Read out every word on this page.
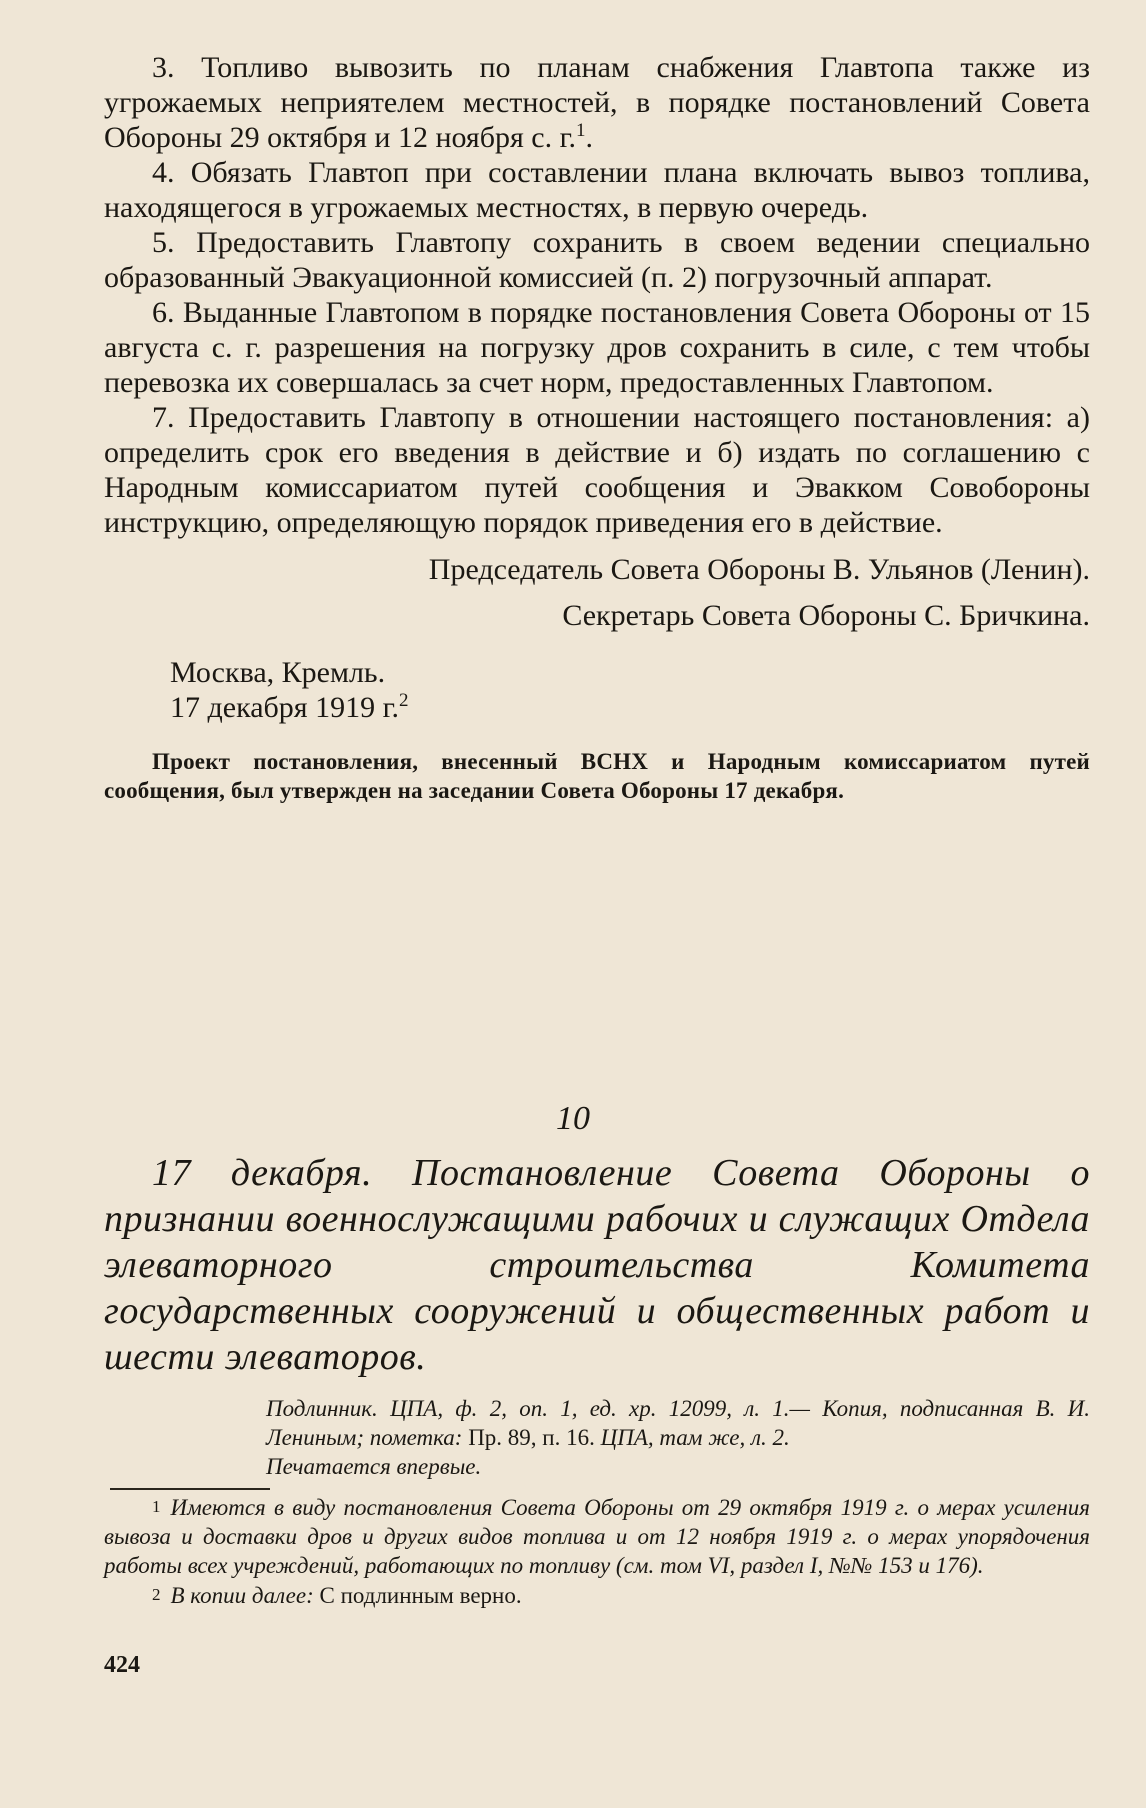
3. Топливо вывозить по планам снабжения Главтопа также из угрожаемых неприятелем местностей, в порядке постановлений Совета Обороны 29 октября и 12 ноября с. г.$^1$.

4. Обязать Главтоп при составлении плана включать вывоз топлива, находящегося в угрожаемых местностях, в первую очередь.

5. Предоставить Главтопу сохранить в своем ведении специально образованный Эвакуационной комиссией (п. 2) погрузочный аппарат.

6. Выданные Главтопом в порядке постановления Совета Обороны от 15 августа с. г. разрешения на погрузку дров сохранить в силе, с тем чтобы перевозка их совершалась за счет норм, предоставленных Главтопом.

7. Предоставить Главтопу в отношении настоящего постановления: а) определить срок его введения в действие и б) издать по соглашению с Народным комиссариатом путей сообщения и Эвакком Совобороны инструкцию, определяющую порядок приведения его в действие.

Председатель Совета Обороны В. Ульянов (Ленин).

Секретарь Совета Обороны С. Бричкина.

Москва, Кремль.

17 декабря 1919 г.$^2$

Проект постановления, внесенный ВСНХ и Народным комиссариатом путей сообщения, был утвержден на заседании Совета Обороны 17 декабря.

10

17 декабря. Постановление Совета Обороны о признании военнослужащими рабочих и служащих Отдела элеваторного строительства Комитета государственных сооружений и общественных работ и шести элеваторов.

Подлинник. ЦПА, ф. 2, оп. 1, ед. хр. 12099, л. 1.— Копия, подписанная В. И. Лениным; пометка: Пр. 89, п. 16. ЦПА, там же, л. 2.
Печатается впервые.

1 Имеются в виду постановления Совета Обороны от 29 октября 1919 г. о мерах усиления вывоза и доставки дров и других видов топлива и от 12 ноября 1919 г. о мерах упорядочения работы всех учреждений, работающих по топливу (см. том VI, раздел I, №№ 153 и 176).

2 В копии далее: С подлинным верно.

424
